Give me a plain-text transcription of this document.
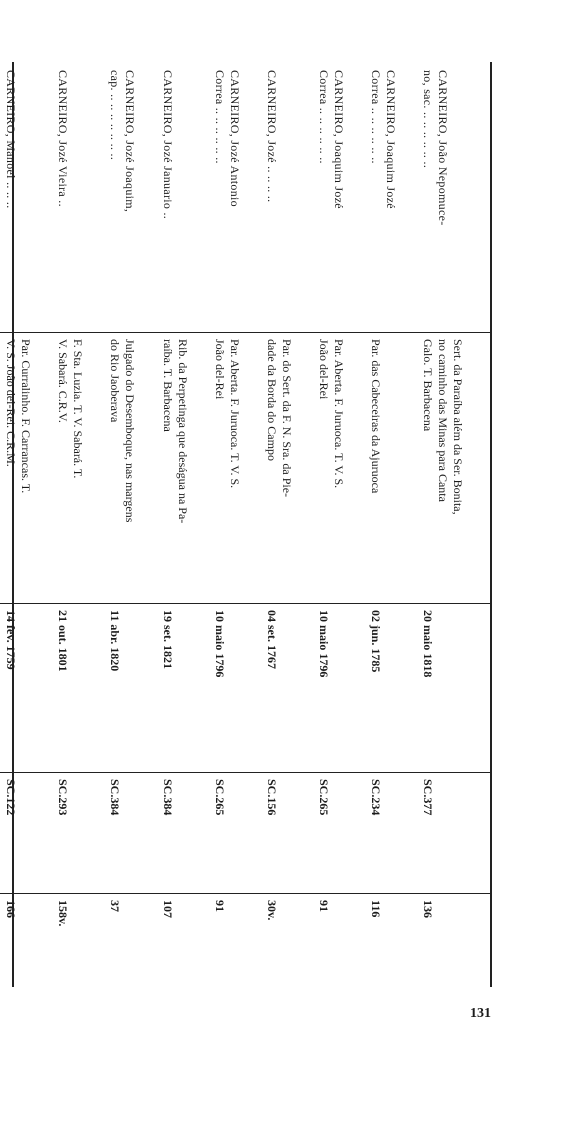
CARNEIRO, João Nepomuce-
no, sac. .. .. .. .. .. ..	Sert. da Paraíba além da Ser. Bonita,
no caminho das Minas para Canta
Galo. T. Barbacena	20 maio 1818	SC.377	136
CARNEIRO, Joaquim Jozé
Correa .. .. .. .. .. ..	Par. das Cabeceiras da Ajuruoca	02 jun. 1785	SC.234	116
CARNEIRO, Joaquim Jozé
Correa .. .. .. .. .. ..	Par. Aberta. F. Juruoca. T. V. S.
João del-Rei	10 maio 1796	SC.265	91
CARNEIRO, Jozé .. .. .. ..	Par. do Sert. da F. N. Sra. da Pie-
dade da Borda do Campo	04 set. 1767	SC.156	30v.
CARNEIRO, Jozé Antonio
Correa .. .. .. .. .. ..	Par. Aberta. F. Juruoca. T. V. S.
João del-Rei	10 maio 1796	SC.265	91
CARNEIRO, Jozé Januario ..	Rib. da Perpetinga que deságua na Pa-
raíba. T. Barbacena	19 set. 1821	SC.384	107
CARNEIRO, Jozé Joaquim,
cap. .. .. .. .. .. .. ..	Julgado do Desemboque, nas margens
do Rio Jaoberava	11 abr. 1820	SC.384	37
CARNEIRO, Jozé Vieira ..	F. Sta. Luzia. T. V. Sabará. T.
V. Sabará. C.R.V.	21 out. 1801	SC.293	158v.
CARNEIRO, Manoel .. .. ..	Par. Curralinho. F. Carrancas. T.
V. S. João del-Rei. C.R.M.	14 fev. 1759	SC.122	166
131
